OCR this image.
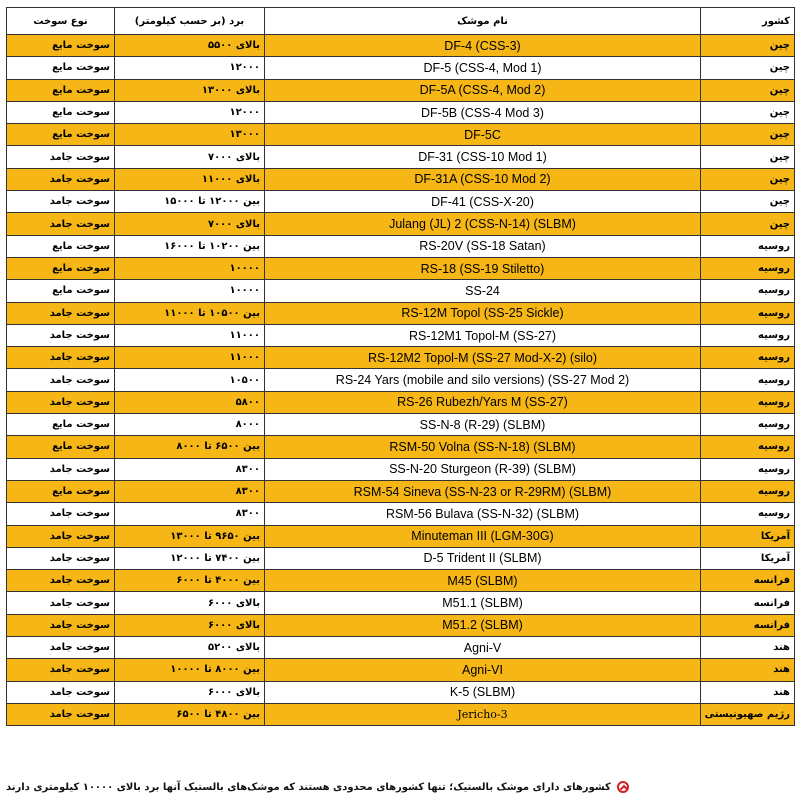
نوع سوخت	برد (بر حسب کیلومتر)	نام موشک	کشور
سوخت مایع	بالای ۵۵۰۰	DF-4 (CSS-3)	چین
سوخت مایع	۱۲۰۰۰	DF-5 (CSS-4, Mod 1)	چین
سوخت مایع	بالای ۱۳۰۰۰	DF-5A (CSS-4, Mod 2)	چین
سوخت مایع	۱۲۰۰۰	DF-5B (CSS-4 Mod 3)	چین
سوخت مایع	۱۳۰۰۰	DF-5C	چین
سوخت جامد	بالای ۷۰۰۰	DF-31 (CSS-10 Mod 1)	چین
سوخت جامد	بالای ۱۱۰۰۰	DF-31A (CSS-10 Mod 2)	چین
سوخت جامد	بین ۱۲۰۰۰ تا ۱۵۰۰۰	DF-41 (CSS-X-20)	چین
سوخت جامد	بالای ۷۰۰۰	Julang (JL) 2 (CSS-N-14) (SLBM)	چین
سوخت مایع	بین ۱۰۲۰۰ تا ۱۶۰۰۰	RS-20V (SS-18 Satan)	روسیه
سوخت مایع	۱۰۰۰۰	RS-18 (SS-19 Stiletto)	روسیه
سوخت مایع	۱۰۰۰۰	SS-24	روسیه
سوخت جامد	بین ۱۰۵۰۰ تا ۱۱۰۰۰	RS-12M Topol (SS-25 Sickle)	روسیه
سوخت جامد	۱۱۰۰۰	RS-12M1 Topol-M (SS-27)	روسیه
سوخت جامد	۱۱۰۰۰	RS-12M2 Topol-M (SS-27 Mod-X-2) (silo)	روسیه
سوخت جامد	۱۰۵۰۰	RS-24 Yars (mobile and silo versions) (SS-27 Mod 2)	روسیه
سوخت جامد	۵۸۰۰	RS-26 Rubezh/Yars M (SS-27)	روسیه
سوخت مایع	۸۰۰۰	SS-N-8 (R-29) (SLBM)	روسیه
سوخت مایع	بین ۶۵۰۰ تا ۸۰۰۰	RSM-50 Volna (SS-N-18) (SLBM)	روسیه
سوخت جامد	۸۳۰۰	SS-N-20 Sturgeon (R-39) (SLBM)	روسیه
سوخت مایع	۸۳۰۰	RSM-54 Sineva (SS-N-23 or R-29RM) (SLBM)	روسیه
سوخت جامد	۸۳۰۰	RSM-56 Bulava (SS-N-32) (SLBM)	روسیه
سوخت جامد	بین ۹۶۵۰ تا ۱۳۰۰۰	Minuteman III (LGM-30G)	آمریکا
سوخت جامد	بین ۷۴۰۰ تا ۱۲۰۰۰	D-5 Trident II (SLBM)	آمریکا
سوخت جامد	بین ۴۰۰۰ تا ۶۰۰۰	M45 (SLBM)	فرانسه
سوخت جامد	بالای ۶۰۰۰	M51.1 (SLBM)	فرانسه
سوخت جامد	بالای ۶۰۰۰	M51.2 (SLBM)	فرانسه
سوخت جامد	بالای ۵۲۰۰	Agni-V	هند
سوخت جامد	بین ۸۰۰۰ تا ۱۰۰۰۰	Agni-VI	هند
سوخت جامد	بالای ۶۰۰۰	K-5 (SLBM)	هند
سوخت جامد	بین ۴۸۰۰ تا ۶۵۰۰	Jericho-3	رژیم صهیونیستی
کشورهای دارای موشک بالستیک؛ تنها کشورهای محدودی هستند که موشک‌های بالستیک آنها برد بالای ۱۰۰۰۰ کیلومتری دارند
